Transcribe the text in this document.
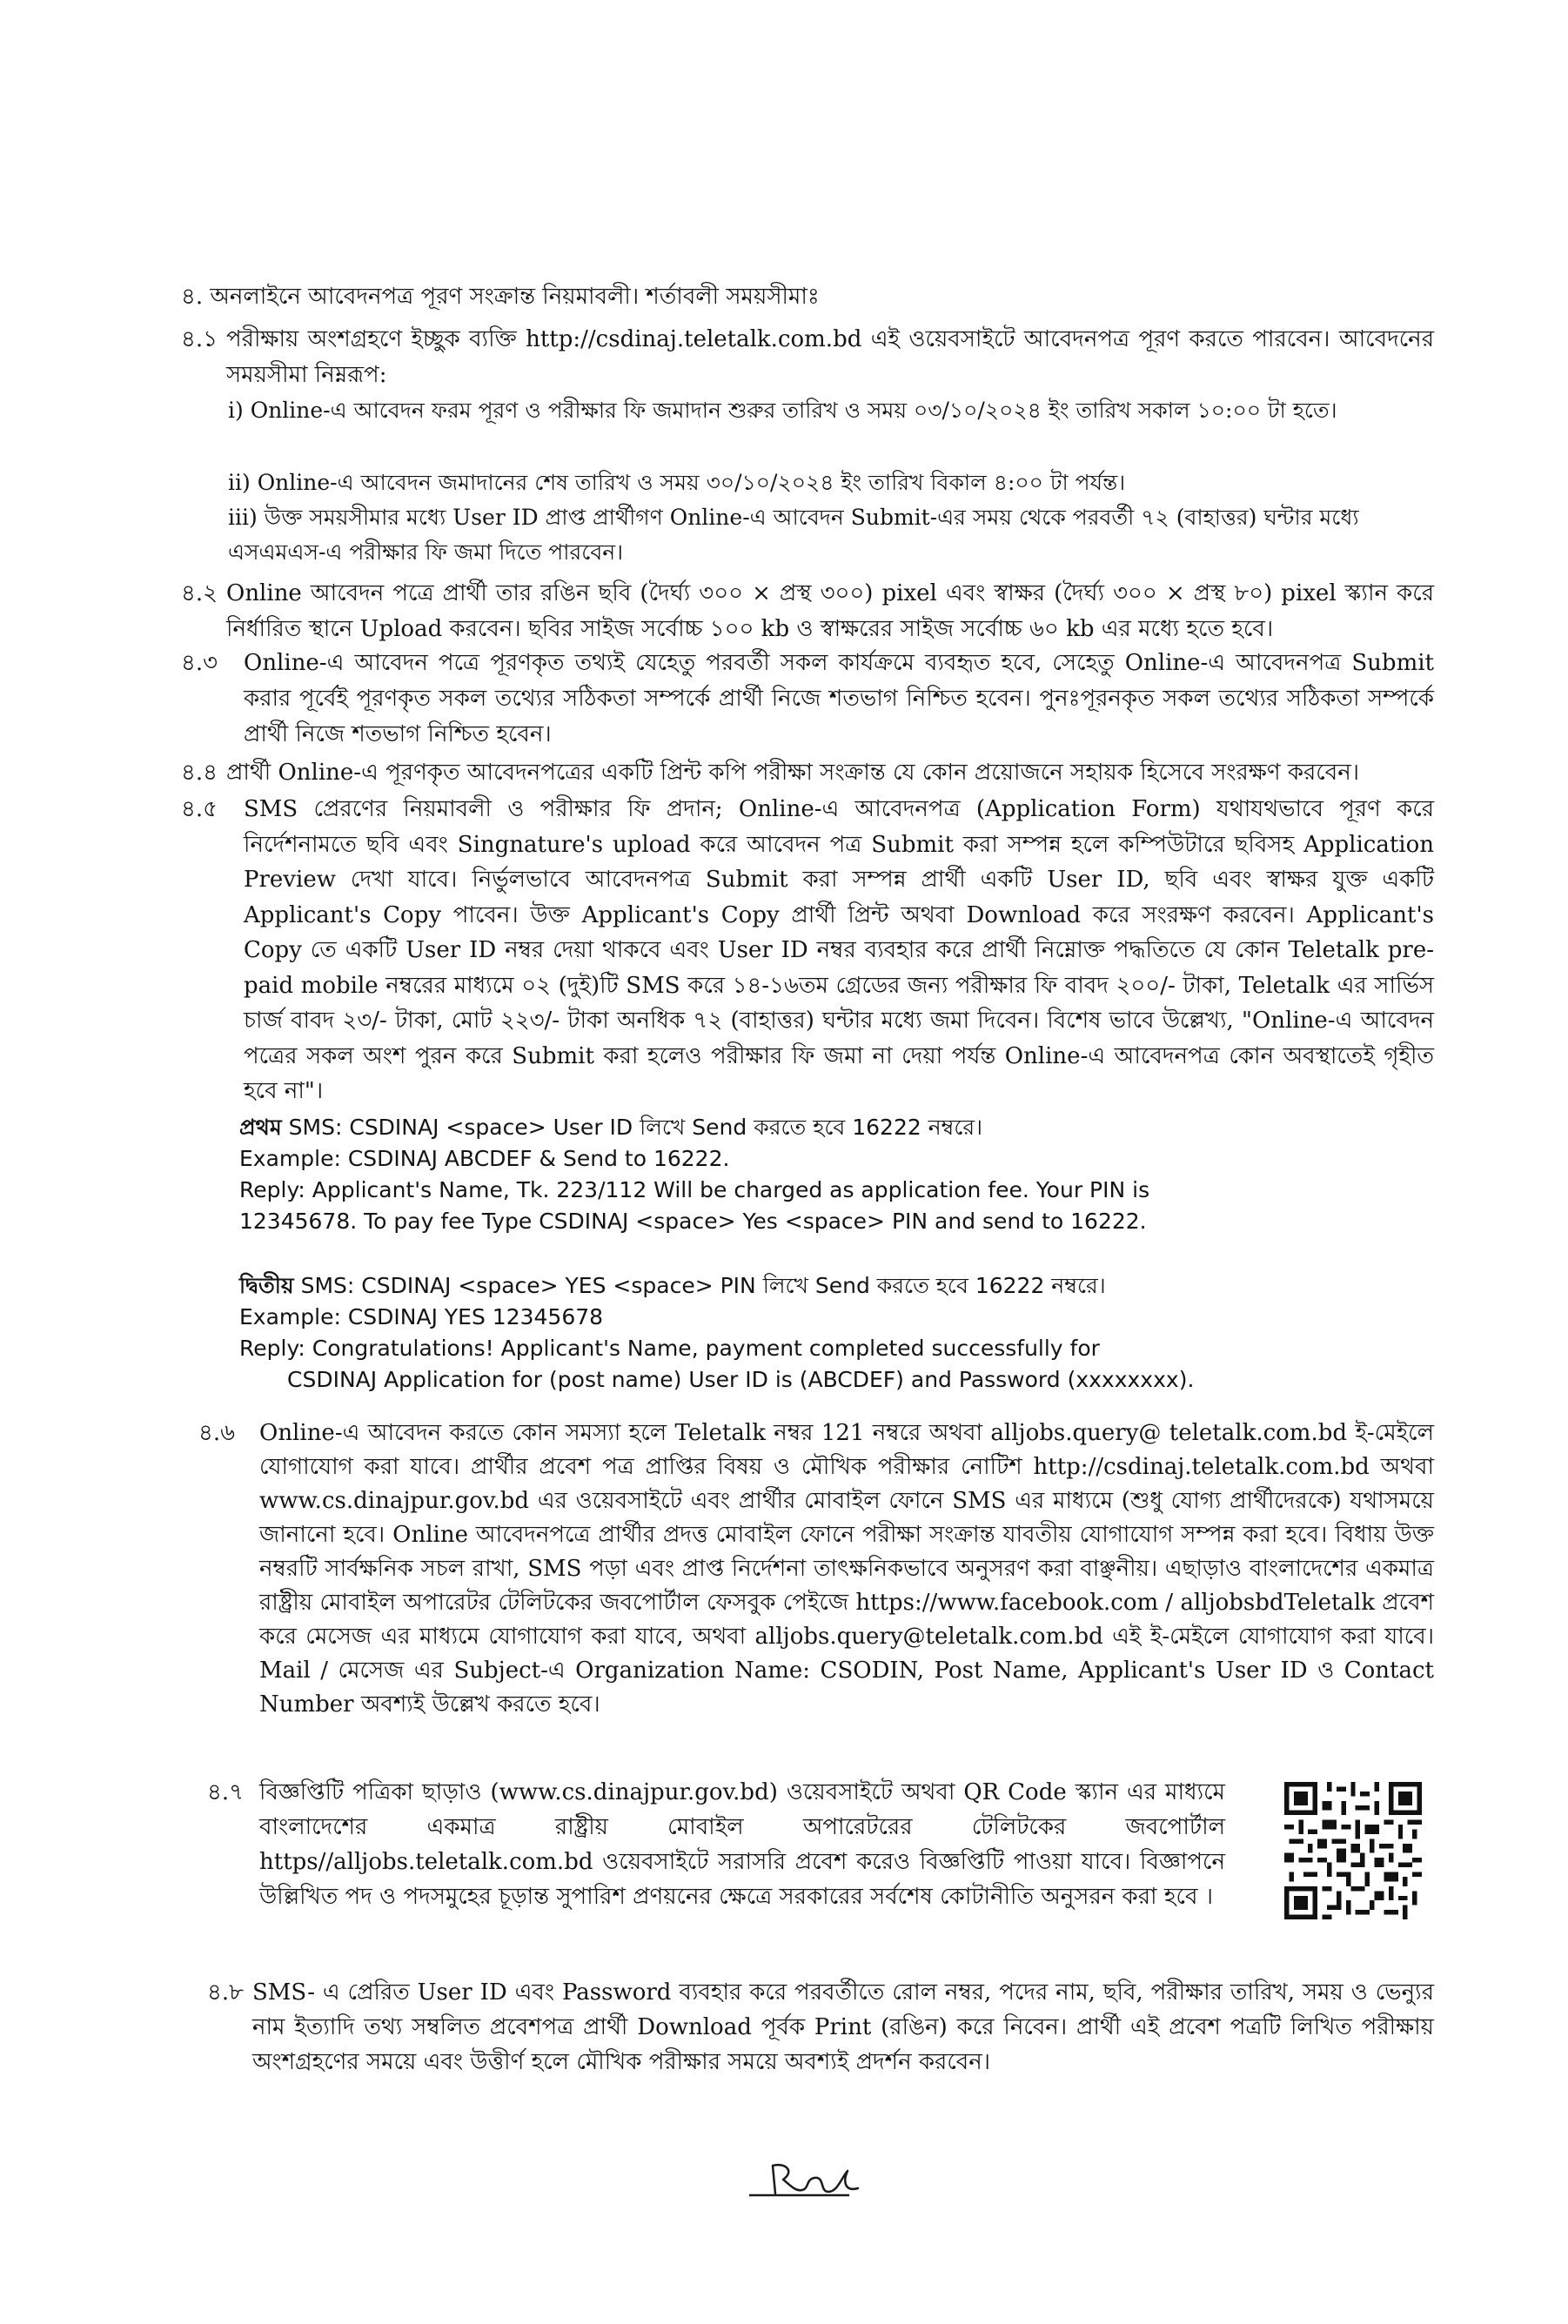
৪. অনলাইনে আবেদনপত্র পূরণ সংক্রান্ত নিয়মাবলী। শর্তাবলী সময়সীমাঃ
৪.১ পরীক্ষায় অংশগ্রহণে ইচ্ছুক ব্যক্তি http://csdinaj.teletalk.com.bd এই ওয়েবসাইটে আবেদনপত্র পূরণ করতে পারবেন। আবেদনের সময়সীমা নিম্নরূপ:
i) Online-এ আবেদন ফরম পূরণ ও পরীক্ষার ফি জমাদান শুরুর তারিখ ও সময় ০৩/১০/২০২৪ ইং তারিখ সকাল ১০:০০ টা হতে।
ii) Online-এ আবেদন জমাদানের শেষ তারিখ ও সময় ৩০/১০/২০২৪ ইং তারিখ বিকাল ৪:০০ টা পর্যন্ত।
iii) উক্ত সময়সীমার মধ্যে User ID প্রাপ্ত প্রার্থীগণ Online-এ আবেদন Submit-এর সময় থেকে পরবর্তী ৭২ (বাহাত্তর) ঘন্টার মধ্যে এসএমএস-এ পরীক্ষার ফি জমা দিতে পারবেন।
৪.২ Online আবেদন পত্রে প্রার্থী তার রঙিন ছবি (দৈর্ঘ্য ৩০০ × প্রস্থ ৩০০) pixel এবং স্বাক্ষর (দৈর্ঘ্য ৩০০ × প্রস্থ ৮০) pixel স্ক্যান করে নির্ধারিত স্থানে Upload করবেন। ছবির সাইজ সর্বোচ্চ ১০০ kb ও স্বাক্ষরের সাইজ সর্বোচ্চ ৬০ kb এর মধ্যে হতে হবে।
৪.৩ Online-এ আবেদন পত্রে পূরণকৃত তথ্যই যেহেতু পরবর্তী সকল কার্যক্রমে ব্যবহৃত হবে, সেহেতু Online-এ আবেদনপত্র Submit করার পূর্বেই পূরণকৃত সকল তথ্যের সঠিকতা সম্পর্কে প্রার্থী নিজে শতভাগ নিশ্চিত হবেন। পুনঃপূরনকৃত সকল তথ্যের সঠিকতা সম্পর্কে প্রার্থী নিজে শতভাগ নিশ্চিত হবেন।
৪.৪ প্রার্থী Online-এ পূরণকৃত আবেদনপত্রের একটি প্রিন্ট কপি পরীক্ষা সংক্রান্ত যে কোন প্রয়োজনে সহায়ক হিসেবে সংরক্ষণ করবেন।
৪.৫ SMS প্রেরণের নিয়মাবলী ও পরীক্ষার ফি প্রদান; Online-এ আবেদনপত্র (Application Form) যথাযথভাবে পূরণ করে নির্দেশনামতে ছবি এবং Singnature's upload করে আবেদন পত্র Submit করা সম্পন্ন হলে কম্পিউটারে ছবিসহ Application Preview দেখা যাবে। নির্ভুলভাবে আবেদনপত্র Submit করা সম্পন্ন প্রার্থী একটি User ID, ছবি এবং স্বাক্ষর যুক্ত একটি Applicant's Copy পাবেন। উক্ত Applicant's Copy প্রার্থী প্রিন্ট অথবা Download করে সংরক্ষণ করবেন। Applicant's Copy তে একটি User ID নম্বর দেয়া থাকবে এবং User ID নম্বর ব্যবহার করে প্রার্থী নিম্নোক্ত পদ্ধতিতে যে কোন Teletalk pre-paid mobile নম্বরের মাধ্যমে ০২ (দুই)টি SMS করে ১৪-১৬তম গ্রেডের জন্য পরীক্ষার ফি বাবদ ২০০/- টাকা, Teletalk এর সার্ভিস চার্জ বাবদ ২৩/- টাকা, মোট ২২৩/- টাকা অনধিক ৭২ (বাহাত্তর) ঘন্টার মধ্যে জমা দিবেন। বিশেষ ভাবে উল্লেখ্য, "Online-এ আবেদন পত্রের সকল অংশ পুরন করে Submit করা হলেও পরীক্ষার ফি জমা না দেয়া পর্যন্ত Online-এ আবেদনপত্র কোন অবস্থাতেই গৃহীত হবে না"।
প্রথম SMS: CSDINAJ <space> User ID লিখে Send করতে হবে 16222 নম্বরে।
Example: CSDINAJ ABCDEF & Send to 16222.
Reply: Applicant's Name, Tk. 223/112 Will be charged as application fee. Your PIN is
12345678. To pay fee Type CSDINAJ <space> Yes <space> PIN and send to 16222.
দ্বিতীয় SMS: CSDINAJ <space> YES <space> PIN লিখে Send করতে হবে 16222 নম্বরে।
Example: CSDINAJ YES 12345678
Reply: Congratulations! Applicant's Name, payment completed successfully for
CSDINAJ Application for (post name) User ID is (ABCDEF) and Password (xxxxxxxx).
৪.৬ Online-এ আবেদন করতে কোন সমস্যা হলে Teletalk নম্বর 121 নম্বরে অথবা alljobs.query@ teletalk.com.bd ই-মেইলে যোগাযোগ করা যাবে। প্রার্থীর প্রবেশ পত্র প্রাপ্তির বিষয় ও মৌখিক পরীক্ষার নোটিশ http://csdinaj.teletalk.com.bd অথবা www.cs.dinajpur.gov.bd এর ওয়েবসাইটে এবং প্রার্থীর মোবাইল ফোনে SMS এর মাধ্যমে (শুধু যোগ্য প্রার্থীদেরকে) যথাসময়ে জানানো হবে। Online আবেদনপত্রে প্রার্থীর প্রদত্ত মোবাইল ফোনে পরীক্ষা সংক্রান্ত যাবতীয় যোগাযোগ সম্পন্ন করা হবে। বিধায় উক্ত নম্বরটি সার্বক্ষনিক সচল রাখা, SMS পড়া এবং প্রাপ্ত নির্দেশনা তাৎক্ষনিকভাবে অনুসরণ করা বাঞ্ছনীয়। এছাড়াও বাংলাদেশের একমাত্র রাষ্ট্রীয় মোবাইল অপারেটর টেলিটকের জবপোর্টাল ফেসবুক পেইজে https://www.facebook.com / alljobsbdTeletalk প্রবেশ করে মেসেজ এর মাধ্যমে যোগাযোগ করা যাবে, অথবা alljobs.query@teletalk.com.bd এই ই-মেইলে যোগাযোগ করা যাবে। Mail / মেসেজ এর Subject-এ Organization Name: CSODIN, Post Name, Applicant's User ID ও Contact Number অবশ্যই উল্লেখ করতে হবে।
৪.৭ বিজ্ঞপ্তিটি পত্রিকা ছাড়াও (www.cs.dinajpur.gov.bd) ওয়েবসাইটে অথবা QR Code স্ক্যান এর মাধ্যমে বাংলাদেশের একমাত্র রাষ্ট্রীয় মোবাইল অপারেটরের টেলিটকের জবপোর্টাল https//alljobs.teletalk.com.bd ওয়েবসাইটে সরাসরি প্রবেশ করেও বিজ্ঞপ্তিটি পাওয়া যাবে। বিজ্ঞাপনে উল্লিখিত পদ ও পদসমুহের চূড়ান্ত সুপারিশ প্রণয়নের ক্ষেত্রে সরকারের সর্বশেষ কোটানীতি অনুসরন করা হবে ।
৪.৮ SMS- এ প্রেরিত User ID এবং Password ব্যবহার করে পরবর্তীতে রোল নম্বর, পদের নাম, ছবি, পরীক্ষার তারিখ, সময় ও ভেন্যুর নাম ইত্যাদি তথ্য সম্বলিত প্রবেশপত্র প্রার্থী Download পূর্বক Print (রঙিন) করে নিবেন। প্রার্থী এই প্রবেশ পত্রটি লিখিত পরীক্ষায় অংশগ্রহণের সময়ে এবং উত্তীর্ণ হলে মৌখিক পরীক্ষার সময়ে অবশ্যই প্রদর্শন করবেন।
